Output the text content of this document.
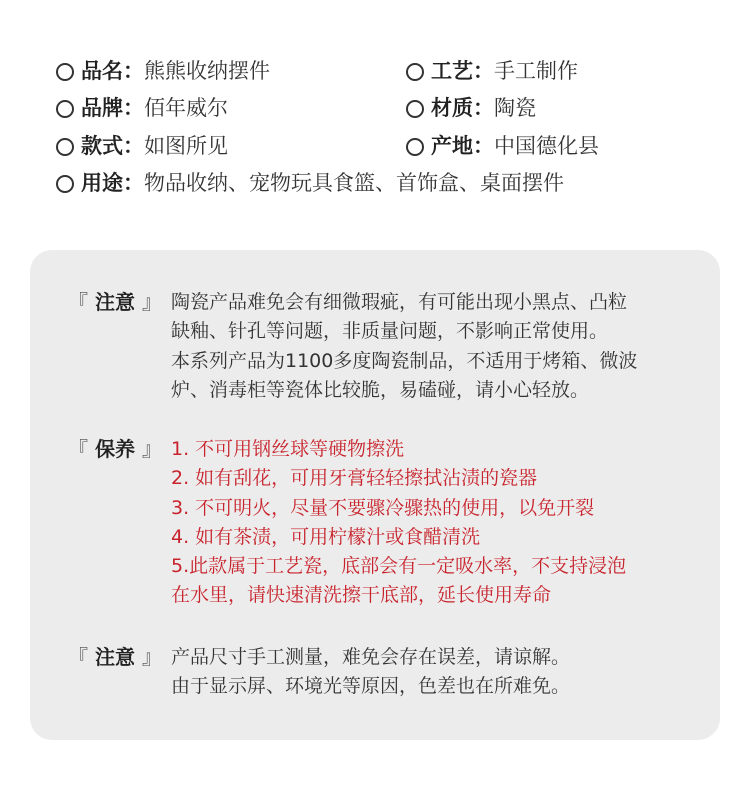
品名：熊熊收纳摆件	工艺：手工制作
品牌：佰年威尔	材质：陶瓷
款式：如图所见	产地：中国德化县
用途：物品收纳、宠物玩具食篮、首饰盒、桌面摆件
『 注意 』 陶瓷产品难免会有细微瑕疵，有可能出现小黑点、凸粒
缺釉、针孔等问题，非质量问题，不影响正常使用。
本系列产品为1100多度陶瓷制品，不适用于烤箱、微波
炉、消毒柜等瓷体比较脆，易磕碰，请小心轻放。
『 保养 』 1. 不可用钢丝球等硬物擦洗
2. 如有刮花，可用牙膏轻轻擦拭沾渍的瓷器
3. 不可明火，尽量不要骤冷骤热的使用，以免开裂
4. 如有茶渍，可用柠檬汁或食醋清洗
5.此款属于工艺瓷，底部会有一定吸水率，不支持浸泡
在水里，请快速清洗擦干底部，延长使用寿命
『 注意 』 产品尺寸手工测量，难免会存在误差，请谅解。
由于显示屏、环境光等原因，色差也在所难免。
